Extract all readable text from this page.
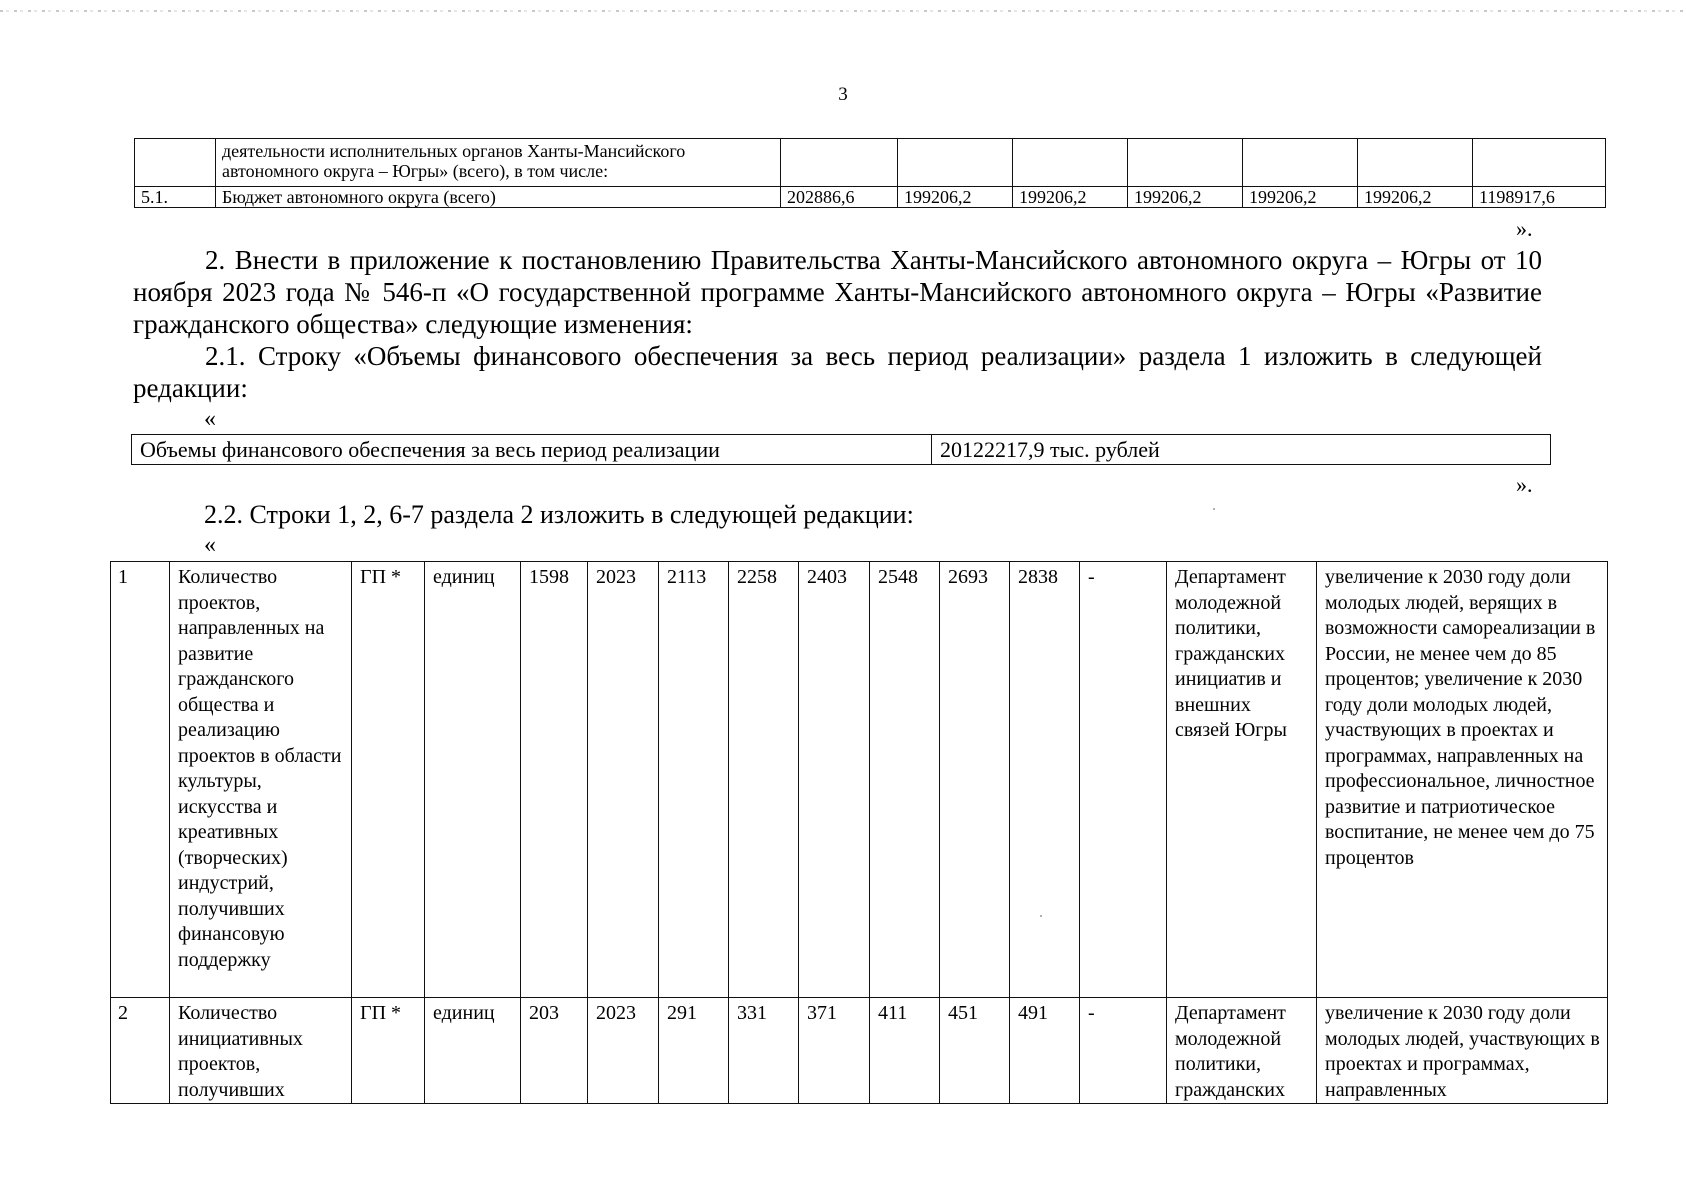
3
	деятельности исполнительных органов Ханты-Мансийского автономного округа – Югры» (всего), в том числе:							
5.1.	Бюджет автономного округа (всего)	202886,6	199206,2	199206,2	199206,2	199206,2	199206,2	1198917,6
».

2. Внести в приложение к постановлению Правительства Ханты-Мансийского автономного округа – Югры от 10 ноября 2023 года № 546-п «О государственной программе Ханты-Мансийского автономного округа – Югры «Развитие гражданского общества» следующие изменения:

2.1. Строку «Объемы финансового обеспечения за весь период реализации» раздела 1 изложить в следующей редакции:

«
Объемы финансового обеспечения за весь период реализации	20122217,9 тыс. рублей
».
2.2. Строки 1, 2, 6-7 раздела 2 изложить в следующей редакции:
«
1	Количество проектов, направленных на развитие гражданского общества и реализацию проектов в области культуры, искусства и креативных (творческих) индустрий, получивших финансовую поддержку	ГП *	единиц	1598	2023	2113	2258	2403	2548	2693	2838	-	Департамент молодежной политики, гражданских инициатив и внешних связей Югры	увеличение к 2030 году доли молодых людей, верящих в возможности самореализации в России, не менее чем до 85 процентов; увеличение к 2030 году доли молодых людей, участвующих в проектах и программах, направленных на профессиональное, личностное развитие и патриотическое воспитание, не менее чем до 75 процентов
2	Количество инициативных проектов, получивших	ГП *	единиц	203	2023	291	331	371	411	451	491	-	Департамент молодежной политики, гражданских	увеличение к 2030 году доли молодых людей, участвующих в проектах и программах, направленных
